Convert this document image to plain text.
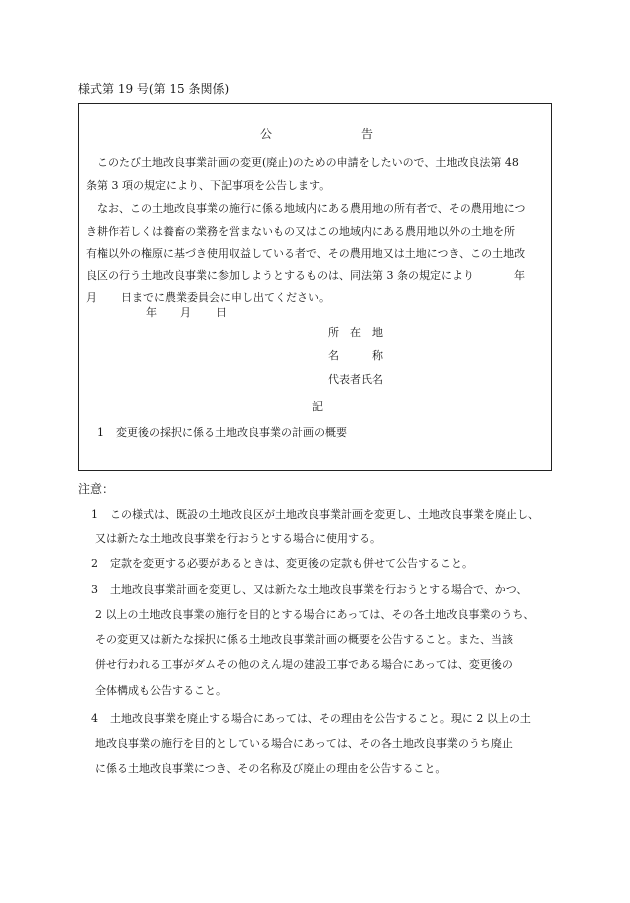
様式第 19 号(第 15 条関係)
公	告
このたび土地改良事業計画の変更(廃止)のための申請をしたいので、土地改良法第 48
条第 3 項の規定により、下記事項を公告します。
なお、この土地改良事業の施行に係る地域内にある農用地の所有者で、その農用地につ
き耕作若しくは養畜の業務を営まないもの又はこの地域内にある農用地以外の土地を所
有権以外の権原に基づき使用収益している者で、その農用地又は土地につき、この土地改
良区の行う土地改良事業に参加しようとするものは、同法第 3 条の規定により	年
月 日までに農業委員会に申し出てください。
年 月 日
所　在　地
名　　　称
代表者氏名
記
1 変更後の採択に係る土地改良事業の計画の概要
注意：
1 この様式は、既設の土地改良区が土地改良事業計画を変更し、土地改良事業を廃止し、
又は新たな土地改良事業を行おうとする場合に使用する。
2 定款を変更する必要があるときは、変更後の定款も併せて公告すること。
3 土地改良事業計画を変更し、又は新たな土地改良事業を行おうとする場合で、かつ、
2 以上の土地改良事業の施行を目的とする場合にあっては、その各土地改良事業のうち、
その変更又は新たな採択に係る土地改良事業計画の概要を公告すること。また、当該
併せ行われる工事がダムその他のえん堤の建設工事である場合にあっては、変更後の
全体構成も公告すること。
4 土地改良事業を廃止する場合にあっては、その理由を公告すること。現に 2 以上の土
地改良事業の施行を目的としている場合にあっては、その各土地改良事業のうち廃止
に係る土地改良事業につき、その名称及び廃止の理由を公告すること。
